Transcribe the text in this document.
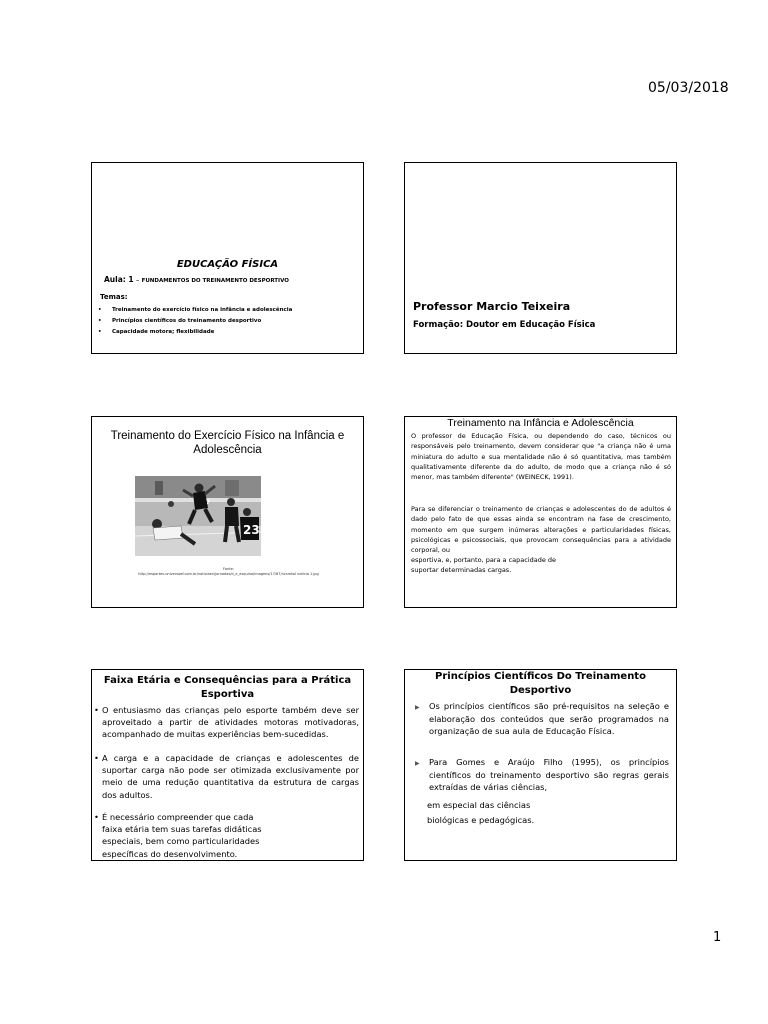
05/03/2018
EDUCAÇÃO FÍSICA
Aula: 1 – FUNDAMENTOS DO TREINAMENTO DESPORTIVO
Temas:
• Treinamento do exercício físico na infância e adolescência
• Princípios científicos do treinamento desportivo
• Capacidade motora; flexibilidade
Professor Marcio Teixeira
Formação: Doutor em Educação Física
Treinamento do Exercício Físico na Infância e Adolescência
23
7
Fonte:
http://esportes.universoef.com.br/noticiaen/jornadas/d_e_esquina/imagens/17/87/ncsmkol noticia 1.jpg
Treinamento na Infância e Adolescência
O professor de Educação Física, ou dependendo do caso, técnicos ou responsáveis pelo treinamento, devem considerar que "a criança não é uma miniatura do adulto e sua mentalidade não é só quantitativa, mas também qualitativamente diferente da do adulto, de modo que a criança não é só menor, mas também diferente" (WEINECK, 1991).
Para se diferenciar o treinamento de crianças e adolescentes do de adultos é dado pelo fato de que essas ainda se encontram na fase de crescimento, momento em que surgem inúmeras alterações e particularidades físicas, psicológicas e psicossociais, que provocam consequências para a atividade corporal, ou
esportiva, e, portanto, para a capacidade de
suportar determinadas cargas.
Faixa Etária e Consequências para a Prática Esportiva
• O entusiasmo das crianças pelo esporte também deve ser aproveitado a partir de atividades motoras motivadoras, acompanhado de muitas experiências bem-sucedidas.
• A carga e a capacidade de crianças e adolescentes de suportar carga não pode ser otimizada exclusivamente por meio de uma redução quantitativa da estrutura de cargas dos adultos.
• É necessário compreender que cada faixa etária tem suas tarefas didáticas especiais, bem como particularidades específicas do desenvolvimento.
Princípios Científicos Do Treinamento Desportivo
▶ Os princípios científicos são pré-requisitos na seleção e elaboração dos conteúdos que serão programados na organização de sua aula de Educação Física.
▶ Para Gomes e Araújo Filho (1995), os princípios científicos do treinamento desportivo são regras gerais extraídas de várias ciências,
em especial das ciências
biológicas e pedagógicas.
1
